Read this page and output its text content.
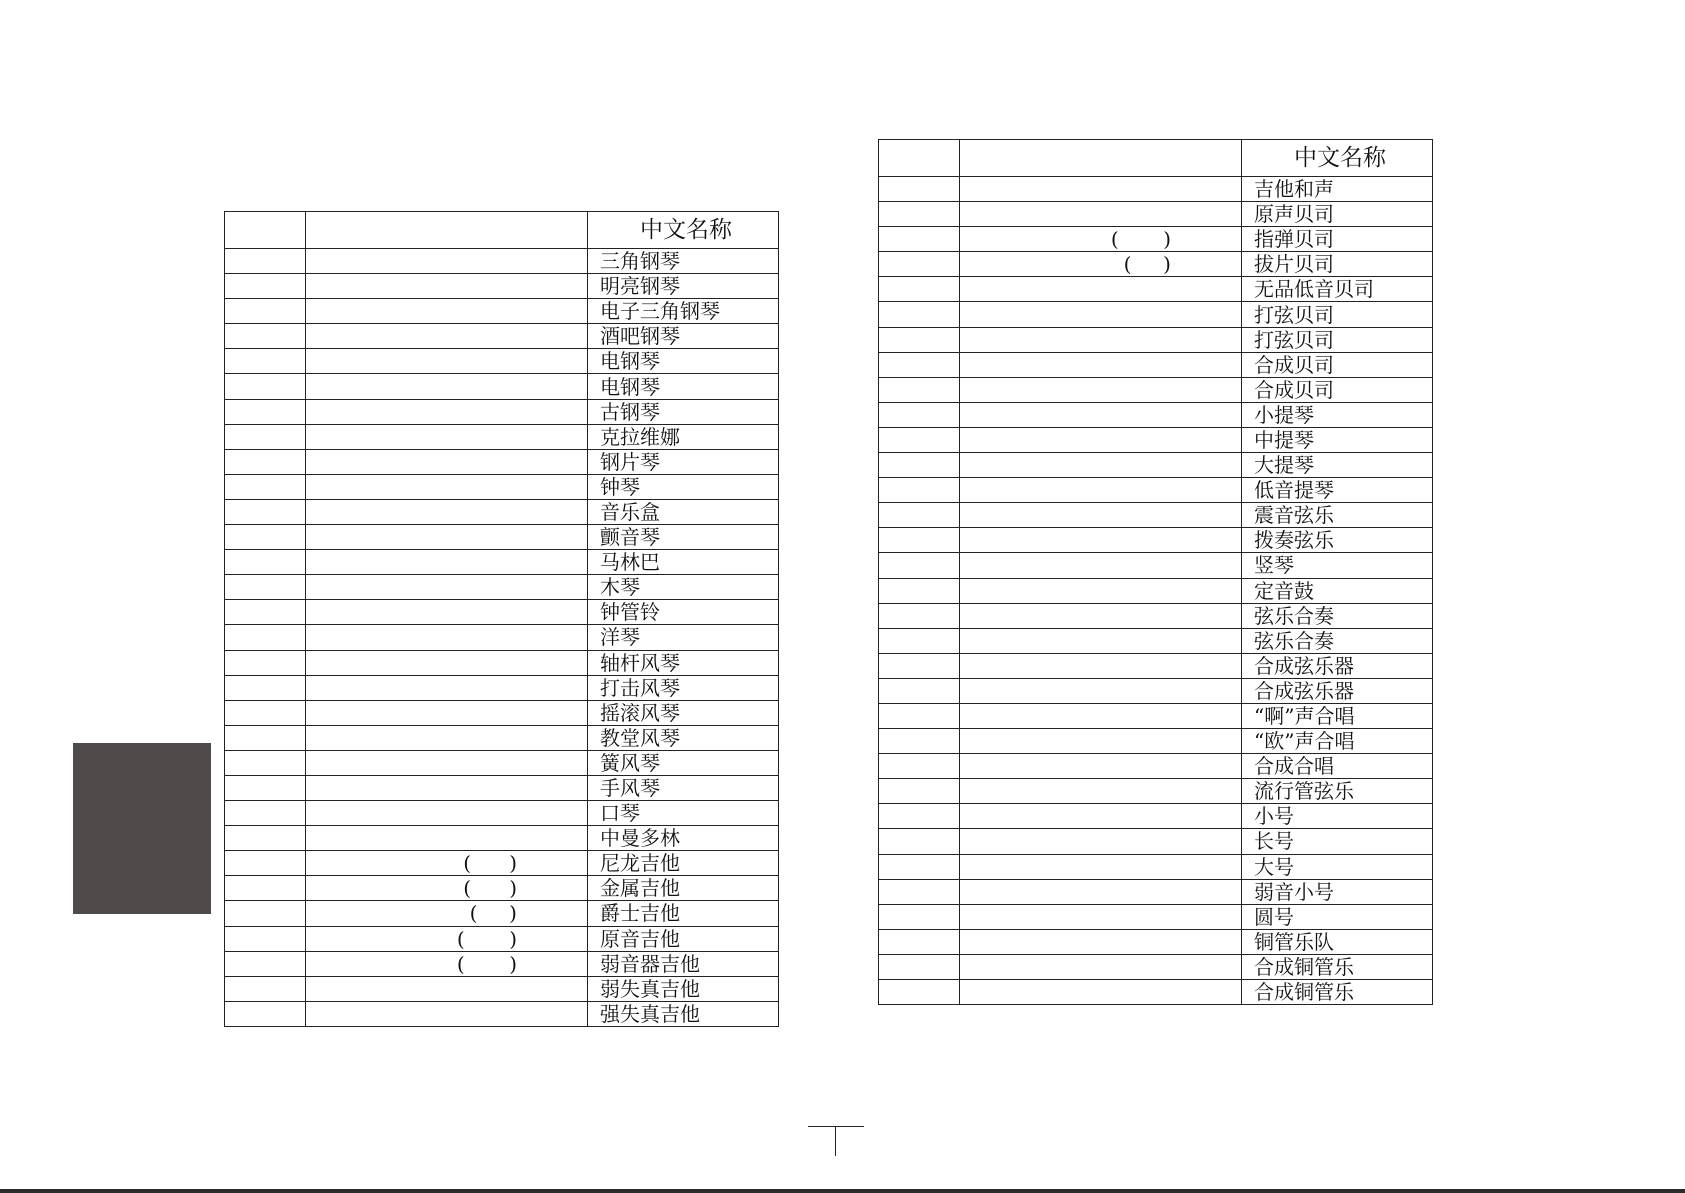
		中文名称
		三角钢琴
		明亮钢琴
		电子三角钢琴
		酒吧钢琴
		电钢琴
		电钢琴
		古钢琴
		克拉维娜
		钢片琴
		钟琴
		音乐盒
		颤音琴
		马林巴
		木琴
		钟管铃
		洋琴
		轴杆风琴
		打击风琴
		摇滚风琴
		教堂风琴
		簧风琴
		手风琴
		口琴
		中曼多林
	(      )	尼龙吉他
	(      )	金属吉他
	(     )	爵士吉他
	(       )	原音吉他
	(       )	弱音器吉他
		弱失真吉他
		强失真吉他
		中文名称
		吉他和声
		原声贝司
	(       )	指弹贝司
	(     )	拔片贝司
		无品低音贝司
		打弦贝司
		打弦贝司
		合成贝司
		合成贝司
		小提琴
		中提琴
		大提琴
		低音提琴
		震音弦乐
		拨奏弦乐
		竖琴
		定音鼓
		弦乐合奏
		弦乐合奏
		合成弦乐器
		合成弦乐器
		“啊”声合唱
		“欧”声合唱
		合成合唱
		流行管弦乐
		小号
		长号
		大号
		弱音小号
		圆号
		铜管乐队
		合成铜管乐
		合成铜管乐
